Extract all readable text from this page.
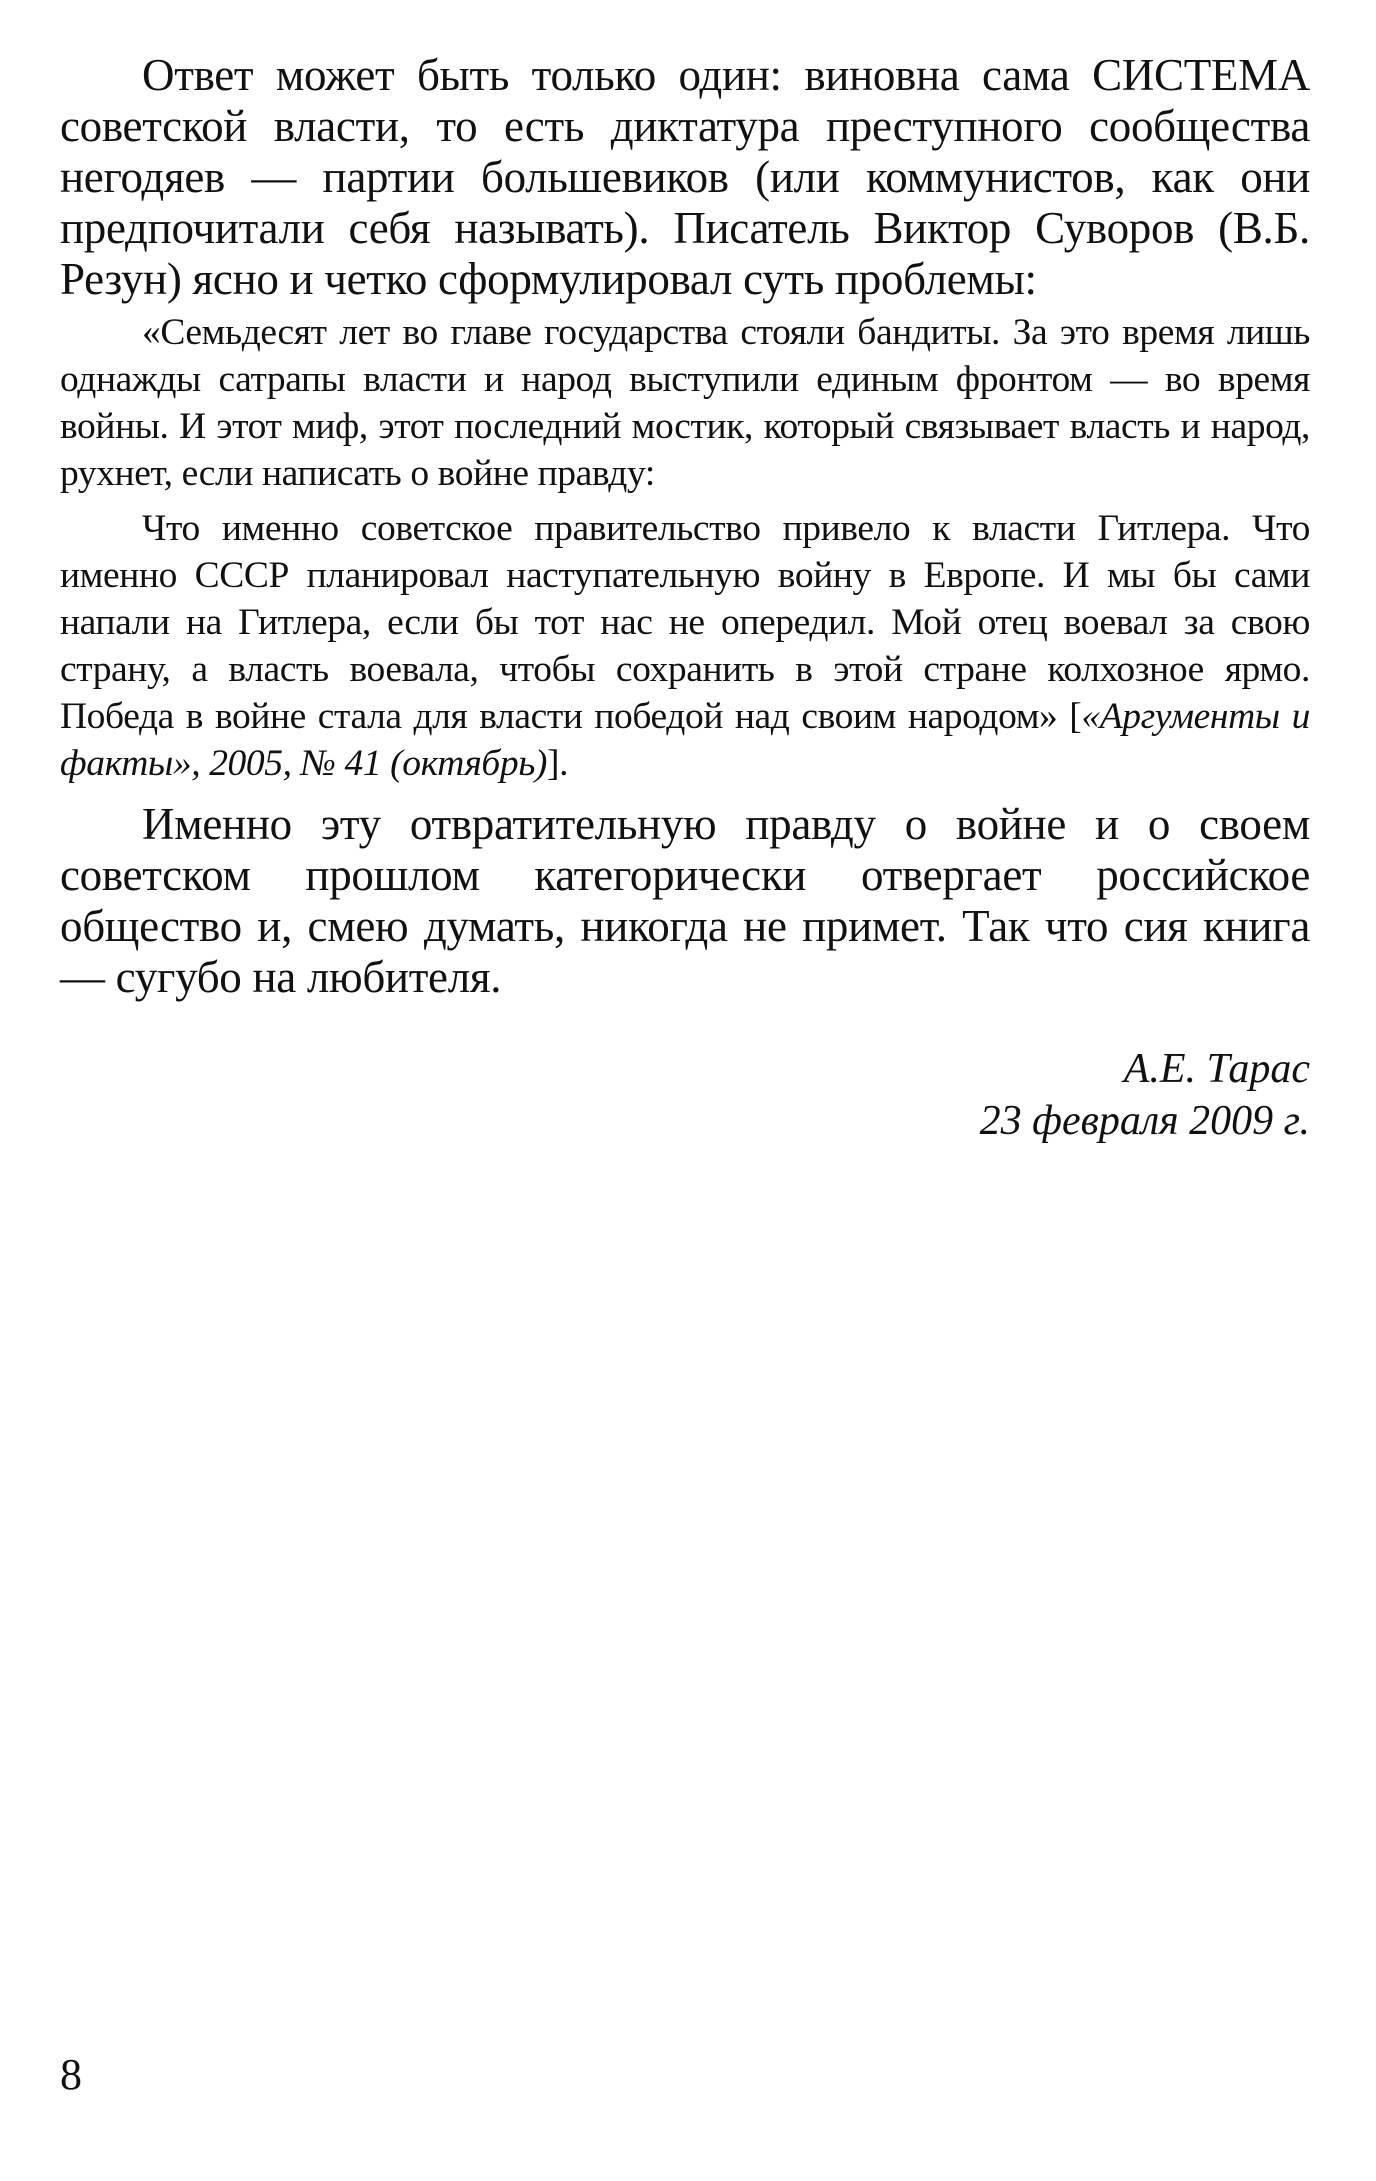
Ответ может быть только один: виновна сама СИСТЕМА советской власти, то есть диктатура преступного сообщества негодяев — партии большевиков (или коммунистов, как они предпочитали себя называть). Писатель Виктор Суворов (В.Б. Резун) ясно и четко сформулировал суть проблемы:

«Семьдесят лет во главе государства стояли бандиты. За это время лишь однажды сатрапы власти и народ выступили единым фронтом — во время войны. И этот миф, этот последний мостик, который связывает власть и народ, рухнет, если написать о войне правду:

Что именно советское правительство привело к власти Гитлера. Что именно СССР планировал наступательную войну в Европе. И мы бы сами напали на Гитлера, если бы тот нас не опередил. Мой отец воевал за свою страну, а власть воевала, чтобы сохранить в этой стране колхозное ярмо. Победа в войне стала для власти победой над своим народом» [«Аргументы и факты», 2005, № 41 (октябрь)].

Именно эту отвратительную правду о войне и о своем советском прошлом категорически отвергает российское общество и, смею думать, никогда не примет. Так что сия книга — сугубо на любителя.

А.Е. Тарас
23 февраля 2009 г.
8
